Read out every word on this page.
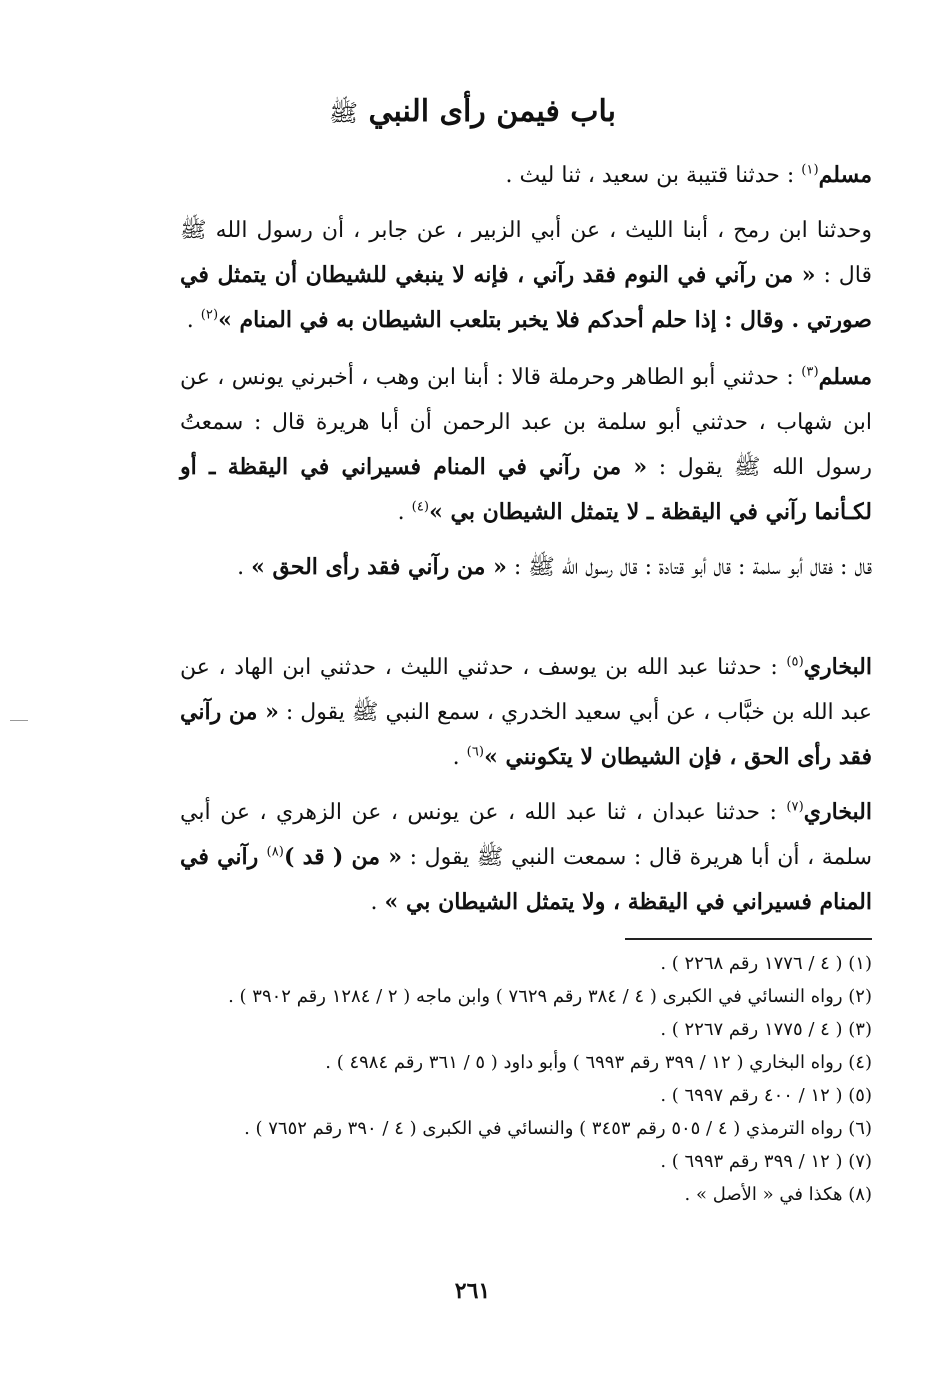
باب فيمن رأى النبي ﷺ
مسلم$^{(١)}$ : حدثنا قتيبة بن سعيد ، ثنا ليث .
وحدثنا ابن رمح ، أبنا الليث ، عن أبي الزبير ، عن جابر ، أن رسول الله ﷺ قال : « من رآني في النوم فقد رآني ، فإنه لا ينبغي للشيطان أن يتمثل في صورتي . وقال : إذا حلم أحدكم فلا يخبر بتلعب الشيطان به في المنام »$^{(٢)}$ .
مسلم$^{(٣)}$ : حدثني أبو الطاهر وحرملة قالا : أبنا ابن وهب ، أخبرني يونس ، عن ابن شهاب ، حدثني أبو سلمة بن عبد الرحمن أن أبا هريرة قال : سمعتُ رسول الله ﷺ يقول : « من رآني في المنام فسيراني في اليقظة ـ أو لكـأنما رآني في اليقظة ـ لا يتمثل الشيطان بي »$^{(٤)}$ .
قال : فقال أبو سلمة : قال أبو قتادة : قال رسول الله ﷺ : « من رآني فقد رأى الحق » .
البخاري$^{(٥)}$ : حدثنا عبد الله بن يوسف ، حدثني الليث ، حدثني ابن الهاد ، عن عبد الله بن خبَّاب ، عن أبي سعيد الخدري ، سمع النبي ﷺ يقول : « من رآني فقد رأى الحق ، فإن الشيطان لا يتكونني »$^{(٦)}$ .
البخاري$^{(٧)}$ : حدثنا عبدان ، ثنا عبد الله ، عن يونس ، عن الزهري ، عن أبي سلمة ، أن أبا هريرة قال : سمعت النبي ﷺ يقول : « من ( قد )$^{(٨)}$ رآني في المنام فسيراني في اليقظة ، ولا يتمثل الشيطان بي » .

(١) ( ٤ / ١٧٧٦ رقم ٢٢٦٨ ) .

(٢) رواه النسائي في الكبرى ( ٤ / ٣٨٤ رقم ٧٦٢٩ ) وابن ماجه ( ٢ / ١٢٨٤ رقم ٣٩٠٢ ) .

(٣) ( ٤ / ١٧٧٥ رقم ٢٢٦٧ ) .

(٤) رواه البخاري ( ١٢ / ٣٩٩ رقم ٦٩٩٣ ) وأبو داود ( ٥ / ٣٦١ رقم ٤٩٨٤ ) .

(٥) ( ١٢ / ٤٠٠ رقم ٦٩٩٧ ) .

(٦) رواه الترمذي ( ٤ / ٥٠٥ رقم ٣٤٥٣ ) والنسائي في الكبرى ( ٤ / ٣٩٠ رقم ٧٦٥٢ ) .

(٧) ( ١٢ / ٣٩٩ رقم ٦٩٩٣ ) .

(٨) هكذا في « الأصل » .

٢٦١
